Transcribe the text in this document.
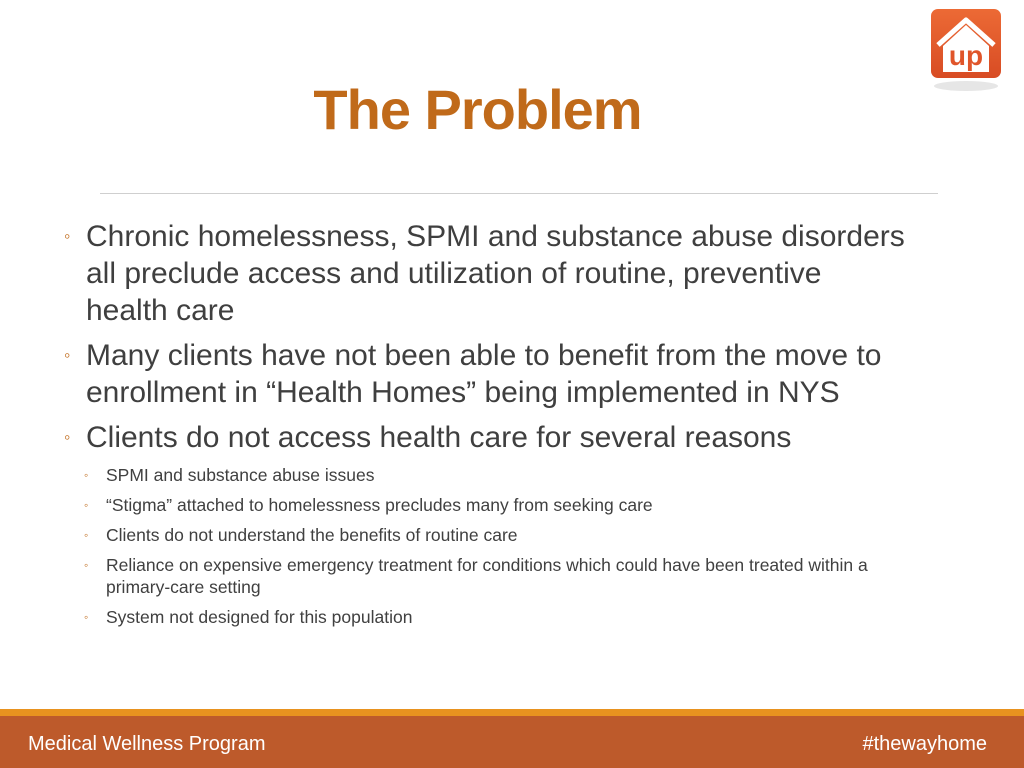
up
The Problem
◦ Chronic homelessness, SPMI and substance abuse disorders all preclude access and utilization of routine, preventive health care
◦ Many clients have not been able to benefit from the move to enrollment in “Health Homes” being implemented in NYS
◦ Clients do not access health care for several reasons
◦ SPMI and substance abuse issues
◦ “Stigma” attached to homelessness precludes many from seeking care
◦ Clients do not understand the benefits of routine care
◦ Reliance on expensive emergency treatment for conditions which could have been treated within a primary-care setting
◦ System not designed for this population
Medical Wellness Program	#thewayhome
